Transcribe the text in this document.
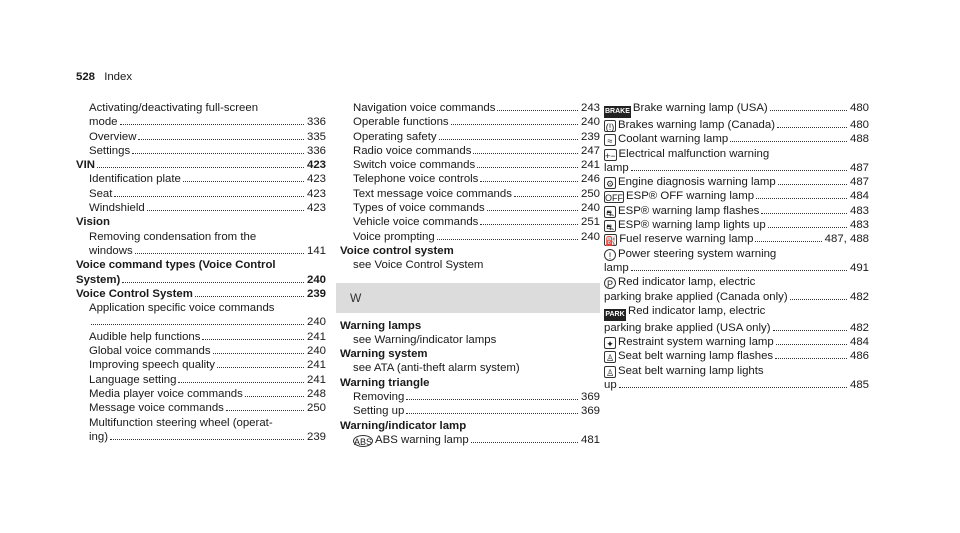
528 Index
Activating/deactivating full-screen
mode	336
Overview	335
Settings	336
VIN	423
Identification plate	423
Seat	423
Windshield	423
Vision
Removing condensation from the
windows	141
Voice command types (Voice Control
System)	240
Voice Control System	239
Application specific voice commands
240
Audible help functions	241
Global voice commands	240
Improving speech quality	241
Language setting	241
Media player voice commands	248
Message voice commands	250
Multifunction steering wheel (operat-
ing)	239
Navigation voice commands	243
Operable functions	240
Operating safety	239
Radio voice commands	247
Switch voice commands	241
Telephone voice controls	246
Text message voice commands	250
Types of voice commands	240
Vehicle voice commands	251
Voice prompting	240
Voice control system
see Voice Control System
W
Warning lamps
see Warning/indicator lamps
Warning system
see ATA (anti-theft alarm system)
Warning triangle
Removing	369
Setting up	369
Warning/indicator lamp
ABS ABS warning lamp	481
BRAKE Brake warning lamp (USA)	480
(!) Brakes warning lamp (Canada)	480
≈ Coolant warning lamp	488
+− Electrical malfunction warning
lamp	487
⚙ Engine diagnosis warning lamp	487
OFF ESP® OFF warning lamp	484
⛐ ESP® warning lamp flashes	483
⛐ ESP® warning lamp lights up	483
⛽ Fuel reserve warning lamp	487, 488
! Power steering system warning
lamp	491
P Red indicator lamp, electric
parking brake applied (Canada only)	482
PARK Red indicator lamp, electric
parking brake applied (USA only)	482
✦ Restraint system warning lamp	484
♙ Seat belt warning lamp flashes	486
♙ Seat belt warning lamp lights
up	485
